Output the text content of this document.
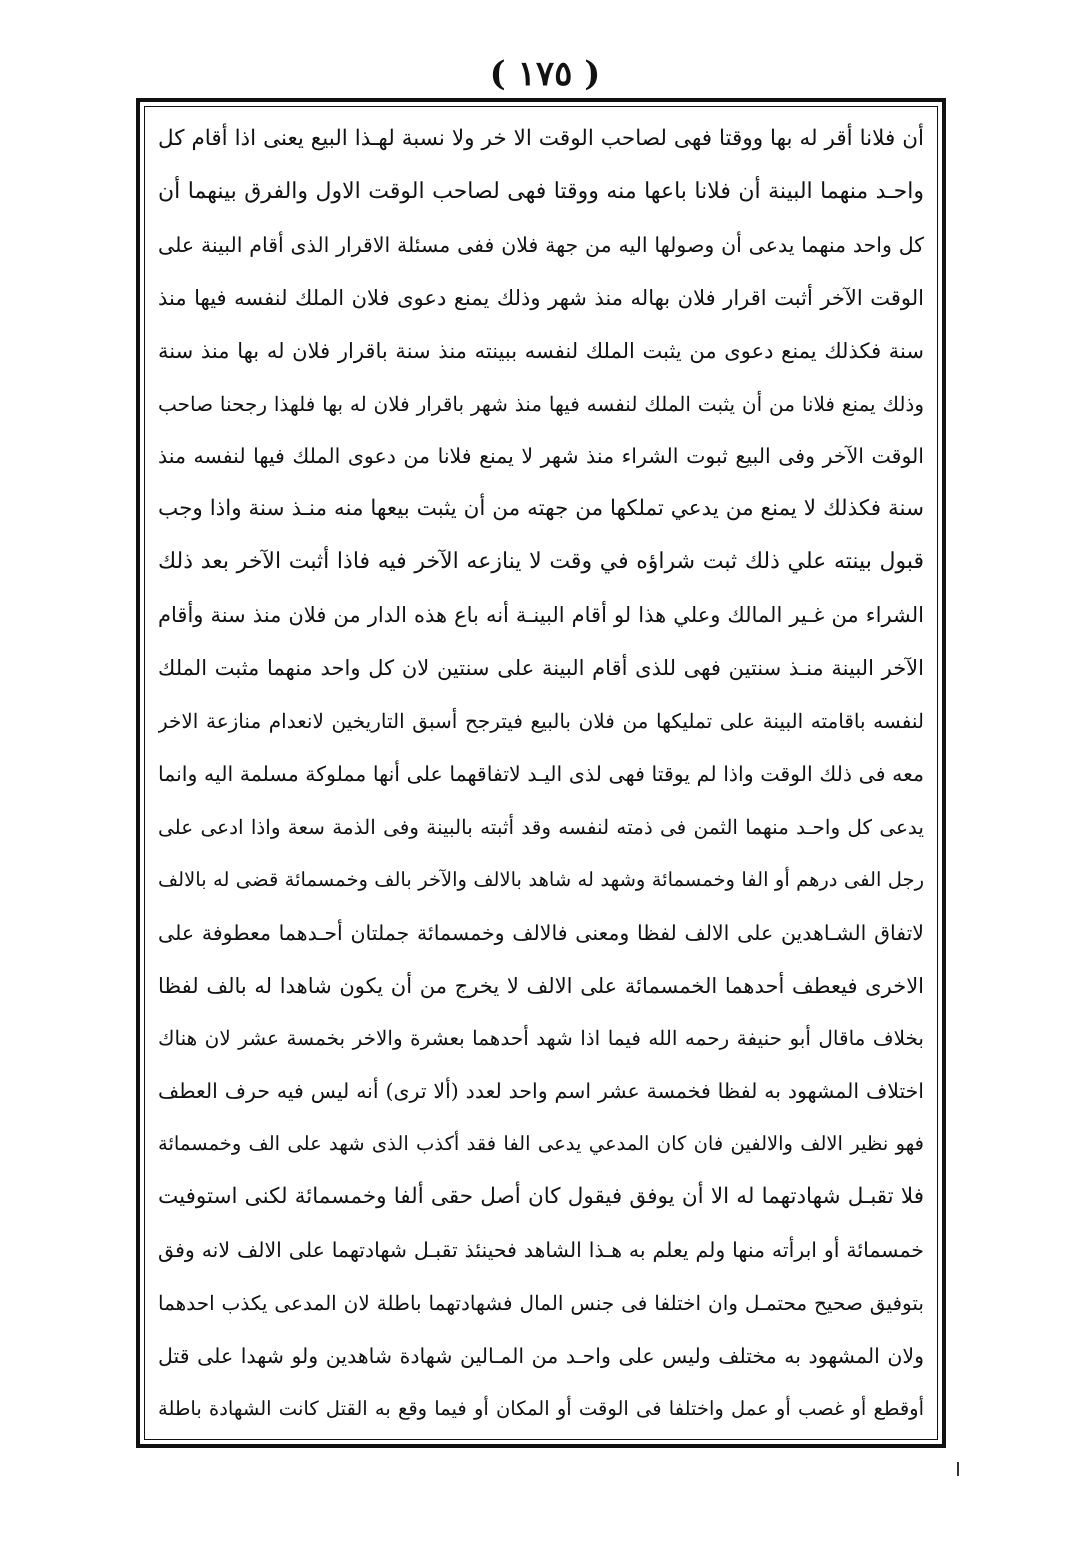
( ١٧٥ )
أن فلانا أقر له بها ووقتا فهى لصاحب الوقت الا خر ولا نسبة لهـذا البيع يعنى اذا أقام كل
واحـد منهما البينة أن فلانا باعها منه ووقتا فهى لصاحب الوقت الاول والفرق بينهما أن
كل واحد منهما يدعى أن وصولها اليه من جهة فلان ففى مسئلة الاقرار الذى أقام البينة على
الوقت الآخر أثبت اقرار فلان بهاله منذ شهر وذلك يمنع دعوى فلان الملك لنفسه فيها منذ
سنة فكذلك يمنع دعوى من يثبت الملك لنفسه ببينته منذ سنة باقرار فلان له بها منذ سنة
وذلك يمنع فلانا من أن يثبت الملك لنفسه فيها منذ شهر باقرار فلان له بها فلهذا رجحنا صاحب
الوقت الآخر وفى البيع ثبوت الشراء منذ شهر لا يمنع فلانا من دعوى الملك فيها لنفسه منذ
سنة فكذلك لا يمنع من يدعي تملكها من جهته من أن يثبت بيعها منه منـذ سنة واذا وجب
قبول بينته علي ذلك ثبت شراؤه في وقت لا ينازعه الآخر فيه فاذا أثبت الآخر بعد ذلك
الشراء من غـير المالك وعلي هذا لو أقام البينـة أنه باع هذه الدار من فلان منذ سنة وأقام
الآخر البينة منـذ سنتين فهى للذى أقام البينة على سنتين لان كل واحد منهما مثبت الملك
لنفسه باقامته البينة على تمليكها من فلان بالبيع فيترجح أسبق التاريخين لانعدام منازعة الاخر
معه فى ذلك الوقت واذا لم يوقتا فهى لذى اليـد لاتفاقهما على أنها مملوكة مسلمة اليه وانما
يدعى كل واحـد منهما الثمن فى ذمته لنفسه وقد أثبته بالبينة وفى الذمة سعة واذا ادعى على
رجل الفى درهم أو الفا وخمسمائة وشهد له شاهد بالالف والآخر بالف وخمسمائة قضى له بالالف
لاتفاق الشـاهدين على الالف لفظا ومعنى فالالف وخمسمائة جملتان أحـدهما معطوفة على
الاخرى فيعطف أحدهما الخمسمائة على الالف لا يخرج من أن يكون شاهدا له بالف لفظا
بخلاف ماقال أبو حنيفة رحمه الله فيما اذا شهد أحدهما بعشرة والاخر بخمسة عشر لان هناك
اختلاف المشهود به لفظا فخمسة عشر اسم واحد لعدد (ألا ترى) أنه ليس فيه حرف العطف
فهو نظير الالف والالفين فان كان المدعي يدعى الفا فقد أكذب الذى شهد على الف وخمسمائة
فلا تقبـل شهادتهما له الا أن يوفق فيقول كان أصل حقى ألفا وخمسمائة لكنى استوفيت
خمسمائة أو ابرأته منها ولم يعلم به هـذا الشاهد فحينئذ تقبـل شهادتهما على الالف لانه وفق
بتوفيق صحيح محتمـل وان اختلفا فى جنس المال فشهادتهما باطلة لان المدعى يكذب احدهما
ولان المشهود به مختلف وليس على واحـد من المـالين شهادة شاهدين ولو شهدا على قتل
أوقطع أو غصب أو عمل واختلفا فى الوقت أو المكان أو فيما وقع به القتل كانت الشهادة باطلة
